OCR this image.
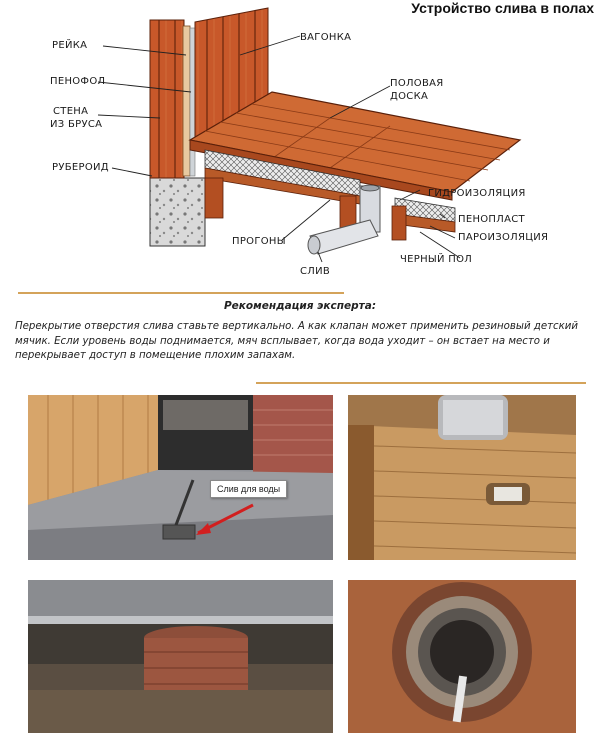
Устройство слива в полах
РЕЙКА
ПЕНОФОЛ
СТЕНА
ИЗ БРУСА
РУБЕРОИД
ВАГОНКА
ПОЛОВАЯ
ДОСКА
ГИДРОИЗОЛЯЦИЯ
ПЕНОПЛАСТ
ПАРОИЗОЛЯЦИЯ
ЧЕРНЫЙ ПОЛ
ПРОГОНЫ
СЛИВ
Рекомендация эксперта:
Перекрытие отверстия слива ставьте вертикально. А как клапан может применить резиновый детский мячик. Если уровень воды поднимается, мяч всплывает, когда вода уходит – он встает на место и перекрывает доступ в помещение плохим запахам.
Слив для воды
